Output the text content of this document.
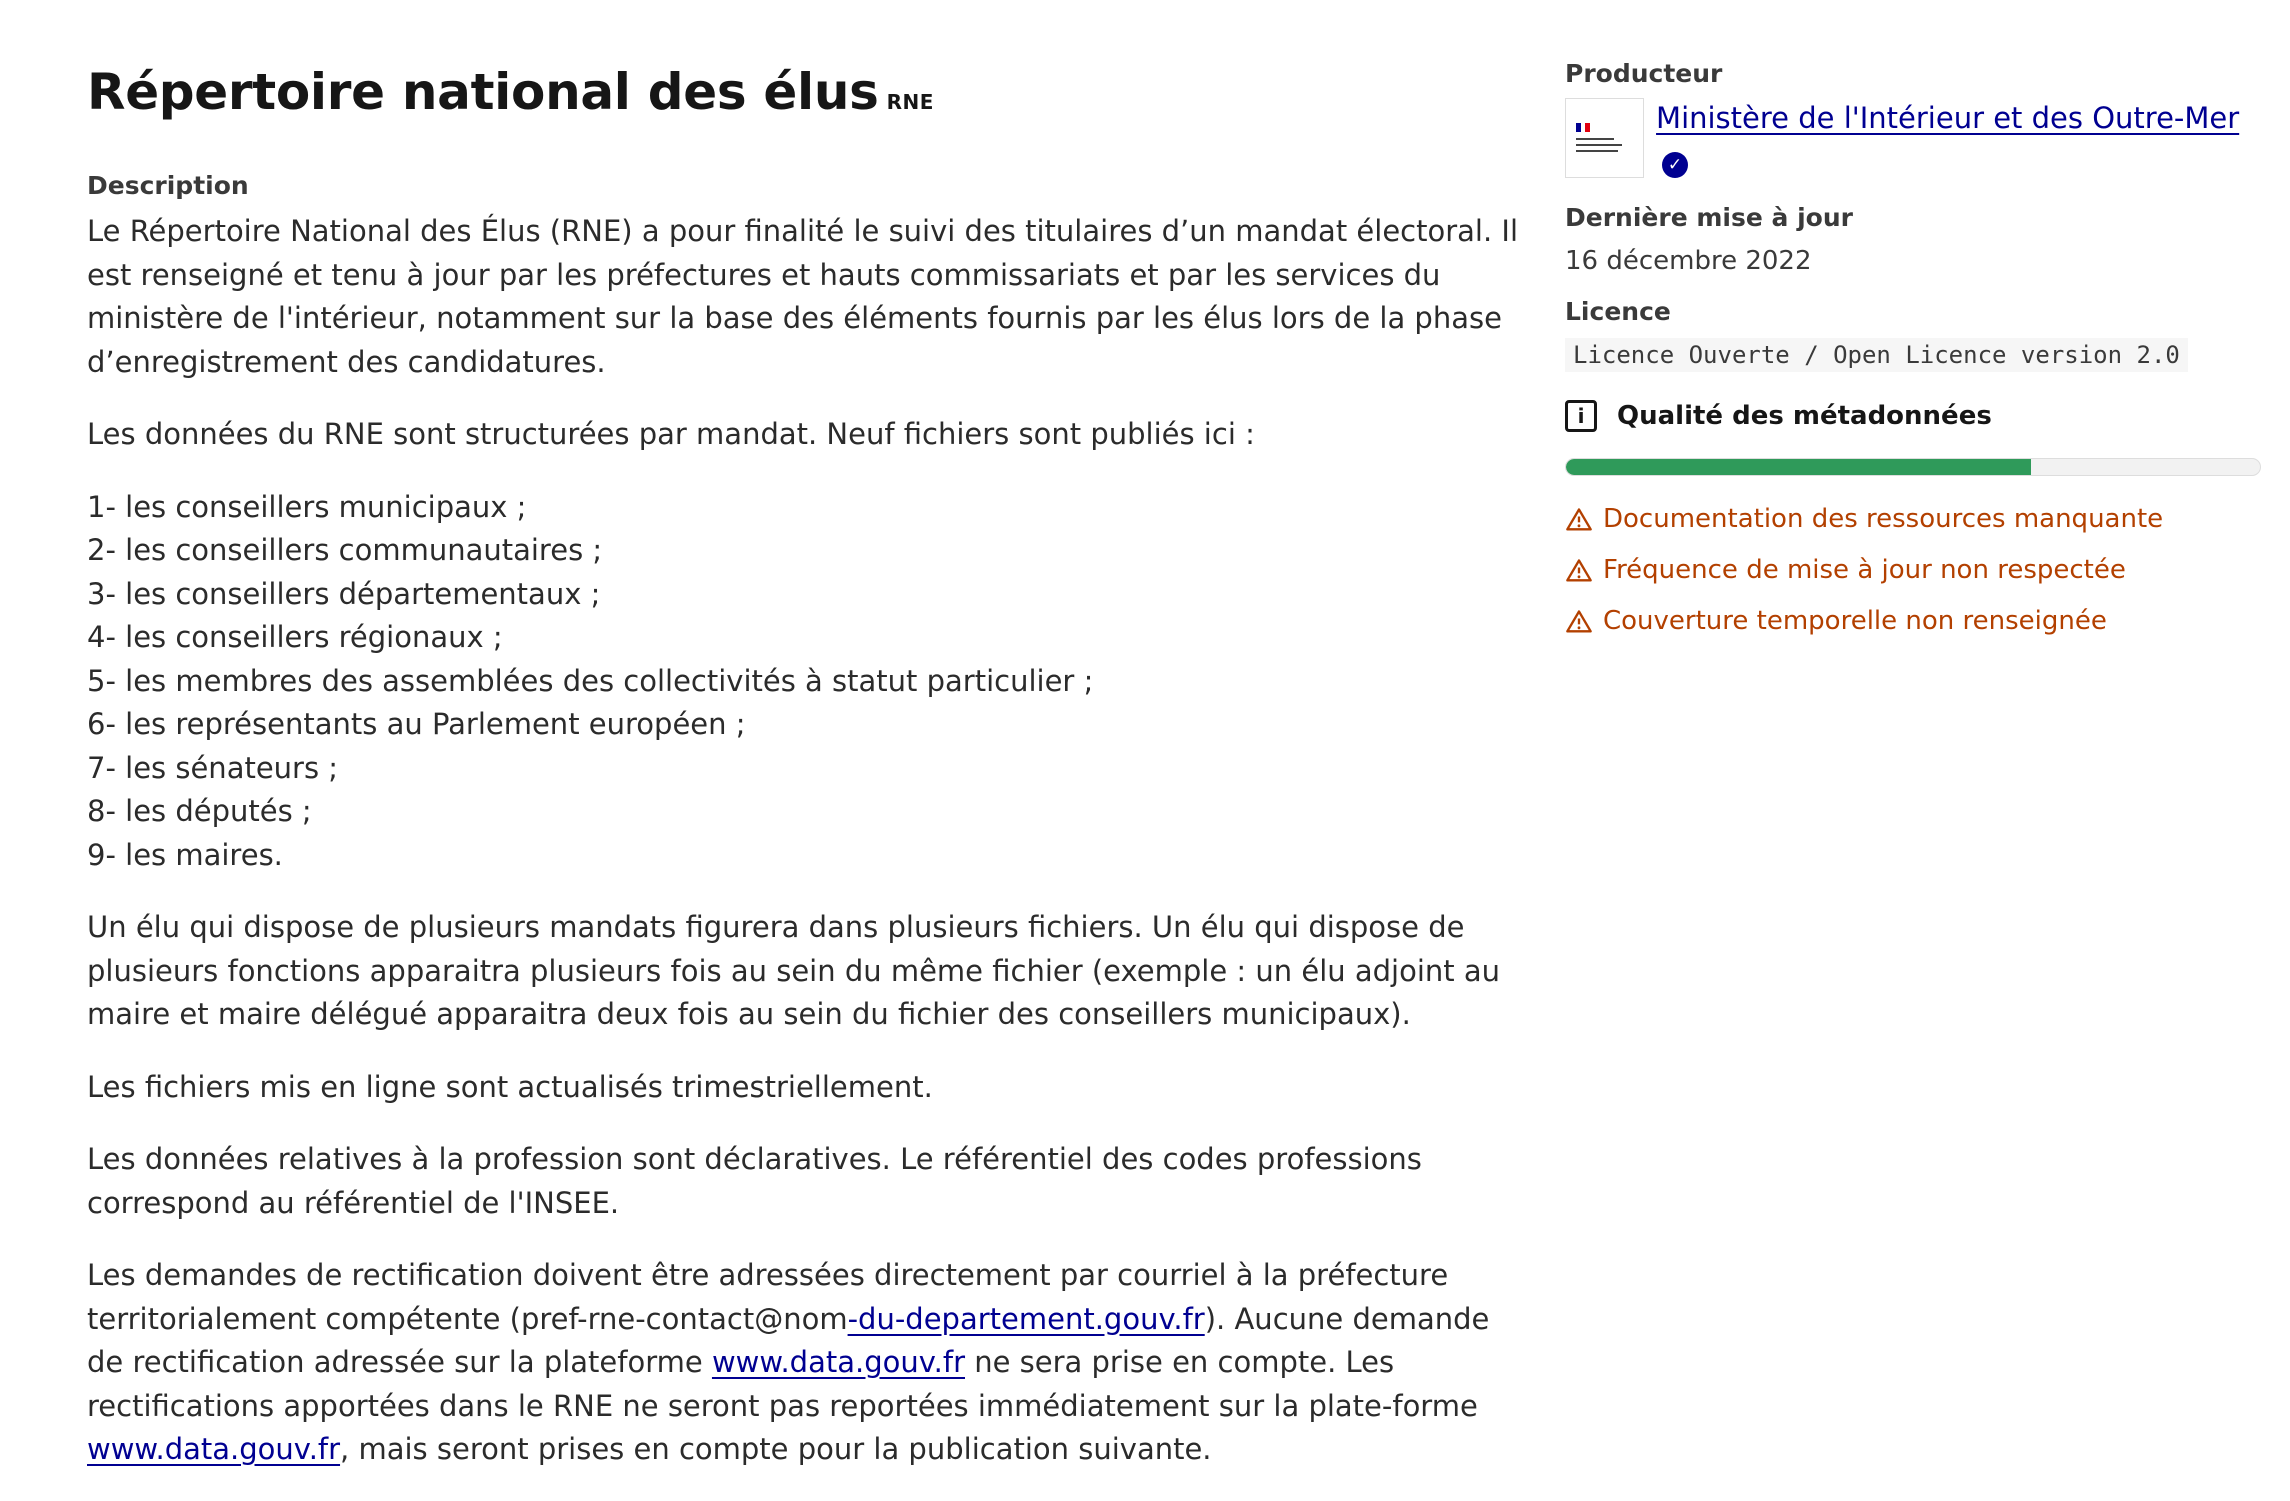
Répertoire national des élus RNE
Description

Le Répertoire National des Élus (RNE) a pour finalité le suivi des titulaires d’un mandat électoral. Il est renseigné et tenu à jour par les préfectures et hauts commissariats et par les services du ministère de l'intérieur, notamment sur la base des éléments fournis par les élus lors de la phase d’enregistrement des candidatures.

Les données du RNE sont structurées par mandat. Neuf fichiers sont publiés ici :

1- les conseillers municipaux ;
2- les conseillers communautaires ;
3- les conseillers départementaux ;
4- les conseillers régionaux ;
5- les membres des assemblées des collectivités à statut particulier ;
6- les représentants au Parlement européen ;
7- les sénateurs ;
8- les députés ;
9- les maires.

Un élu qui dispose de plusieurs mandats figurera dans plusieurs fichiers. Un élu qui dispose de plusieurs fonctions apparaitra plusieurs fois au sein du même fichier (exemple : un élu adjoint au maire et maire délégué apparaitra deux fois au sein du fichier des conseillers municipaux).

Les fichiers mis en ligne sont actualisés trimestriellement.

Les données relatives à la profession sont déclaratives. Le référentiel des codes professions correspond au référentiel de l'INSEE.

Les demandes de rectification doivent être adressées directement par courriel à la préfecture territorialement compétente (pref-rne-contact@nom-du-departement.gouv.fr). Aucune demande de rectification adressée sur la plateforme www.data.gouv.fr ne sera prise en compte. Les rectifications apportées dans le RNE ne seront pas reportées immédiatement sur la plate-forme www.data.gouv.fr, mais seront prises en compte pour la publication suivante.

Producteur
Ministère de l'Intérieur et des Outre-Mer✓
Dernière mise à jour
16 décembre 2022
Licence
Licence Ouverte / Open Licence version 2.0
i	Qualité des métadonnées
Documentation des ressources manquante
Fréquence de mise à jour non respectée
Couverture temporelle non renseignée
